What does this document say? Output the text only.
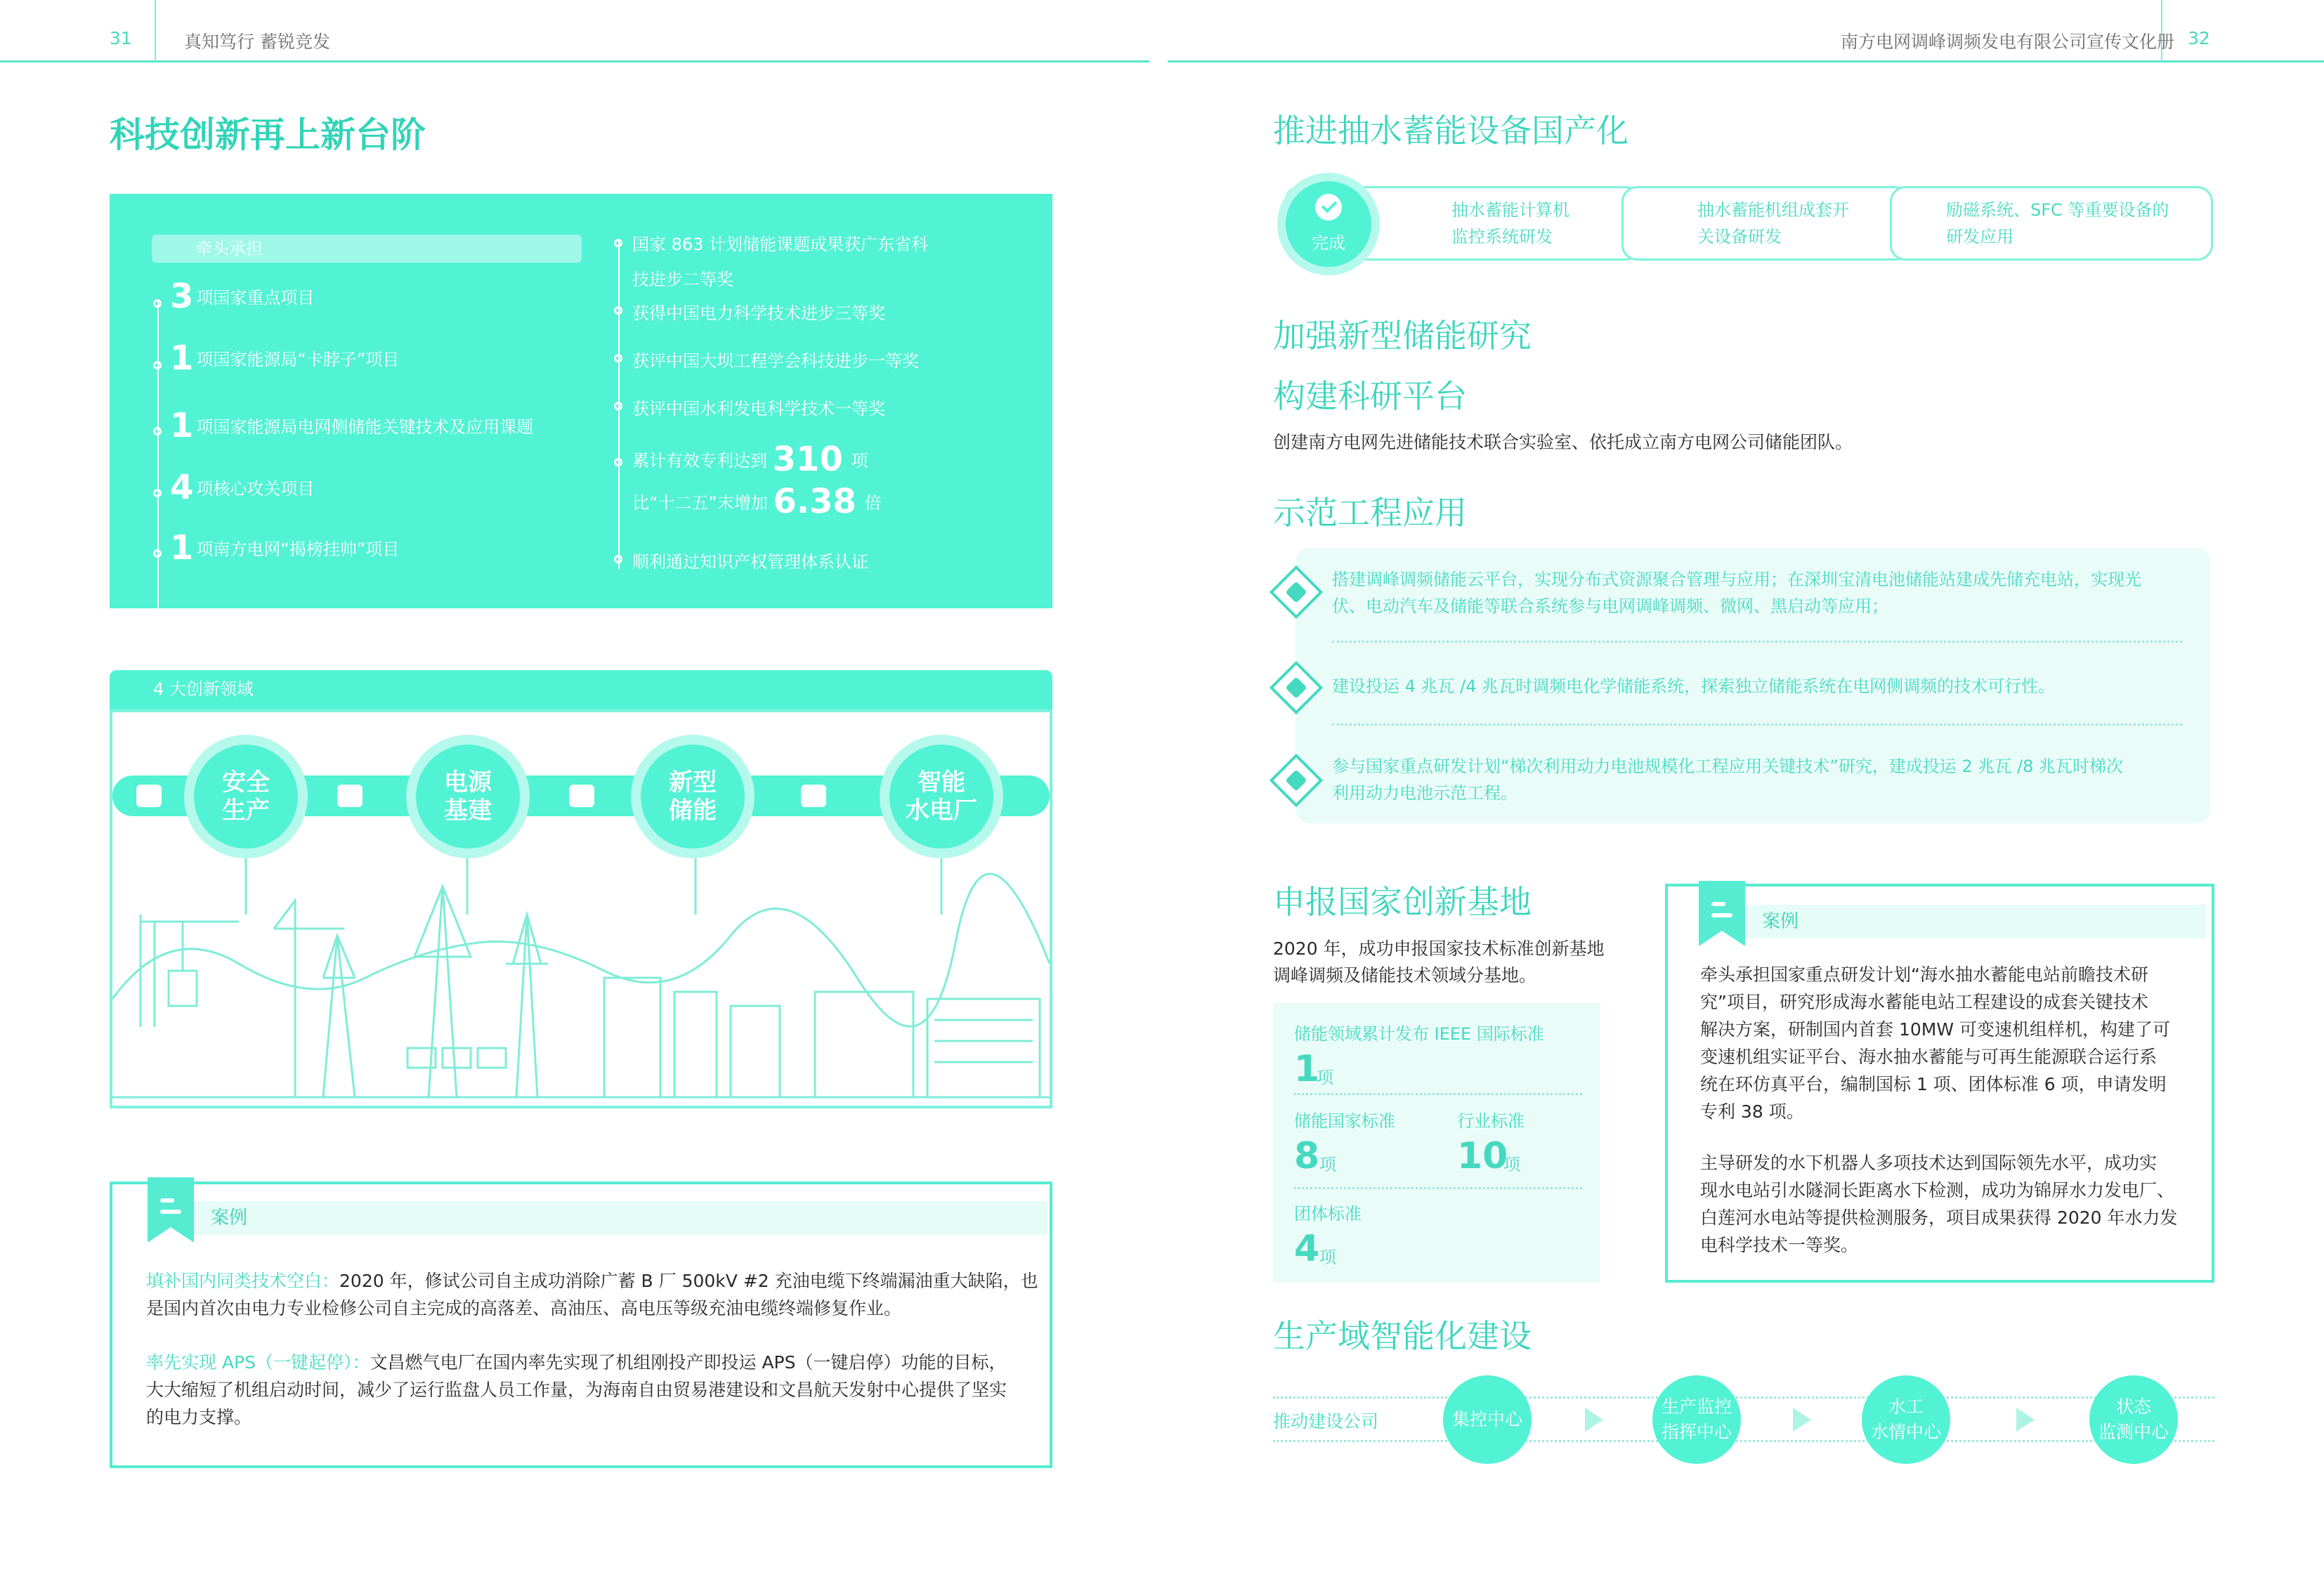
31	真知笃行 蓄锐竞发	南方电网调峰调频发电有限公司宣传文化册 32
科技创新再上新台阶
牵头承担
3 项国家重点项目
1 项国家能源局“卡脖子”项目
1 项国家能源局电网侧储能关键技术及应用课题
4 项核心攻关项目
1 项南方电网“揭榜挂帅”项目
国家 863 计划储能课题成果获广东省科
技进步二等奖
获得中国电力科学技术进步三等奖
获评中国大坝工程学会科技进步一等奖
获评中国水利发电科学技术一等奖
累计有效专利达到 310 项
比“十二五”末增加 6.38 倍
顺利通过知识产权管理体系认证
4 大创新领域
安全
生产
电源
基建
新型
储能
智能
水电厂
案例
填补国内同类技术空白：2020 年，修试公司自主成功消除广蓄 B 厂 500kV #2 充油电缆下终端漏油重大缺陷，也
是国内首次由电力专业检修公司自主完成的高落差、高油压、高电压等级充油电缆终端修复作业。
率先实现 APS（一键起停）：文昌燃气电厂在国内率先实现了机组刚投产即投运 APS（一键启停）功能的目标，
大大缩短了机组启动时间，减少了运行监盘人员工作量，为海南自由贸易港建设和文昌航天发射中心提供了坚实
的电力支撑。
推进抽水蓄能设备国产化
完成
抽水蓄能计算机
监控系统研发
抽水蓄能机组成套开
关设备研发
励磁系统、SFC 等重要设备的
研发应用
加强新型储能研究
构建科研平台
创建南方电网先进储能技术联合实验室、依托成立南方电网公司储能团队。
示范工程应用
搭建调峰调频储能云平台，实现分布式资源聚合管理与应用；在深圳宝清电池储能站建成先储充电站，实现光
伏、电动汽车及储能等联合系统参与电网调峰调频、微网、黑启动等应用；
建设投运 4 兆瓦 /4 兆瓦时调频电化学储能系统，探索独立储能系统在电网侧调频的技术可行性。
参与国家重点研发计划“梯次利用动力电池规模化工程应用关键技术”研究，建成投运 2 兆瓦 /8 兆瓦时梯次
利用动力电池示范工程。
申报国家创新基地
2020 年，成功申报国家技术标准创新基地
调峰调频及储能技术领域分基地。
储能领域累计发布 IEEE 国际标准
1
项
储能国家标准
8 项
行业标准
10
项
团体标准
4 项
案例
牵头承担国家重点研发计划“海水抽水蓄能电站前瞻技术研
究”项目，研究形成海水蓄能电站工程建设的成套关键技术
解决方案，研制国内首套 10MW 可变速机组样机，构建了可
变速机组实证平台、海水抽水蓄能与可再生能源联合运行系
统在环仿真平台，编制国标 1 项、团体标准 6 项，申请发明
专利 38 项。
主导研发的水下机器人多项技术达到国际领先水平，成功实
现水电站引水隧洞长距离水下检测，成功为锦屏水力发电厂、
白莲河水电站等提供检测服务，项目成果获得 2020 年水力发
电科学技术一等奖。
生产域智能化建设
推动建设公司	集控中心
生产监控
指挥中心
水工
水情中心
状态
监测中心
